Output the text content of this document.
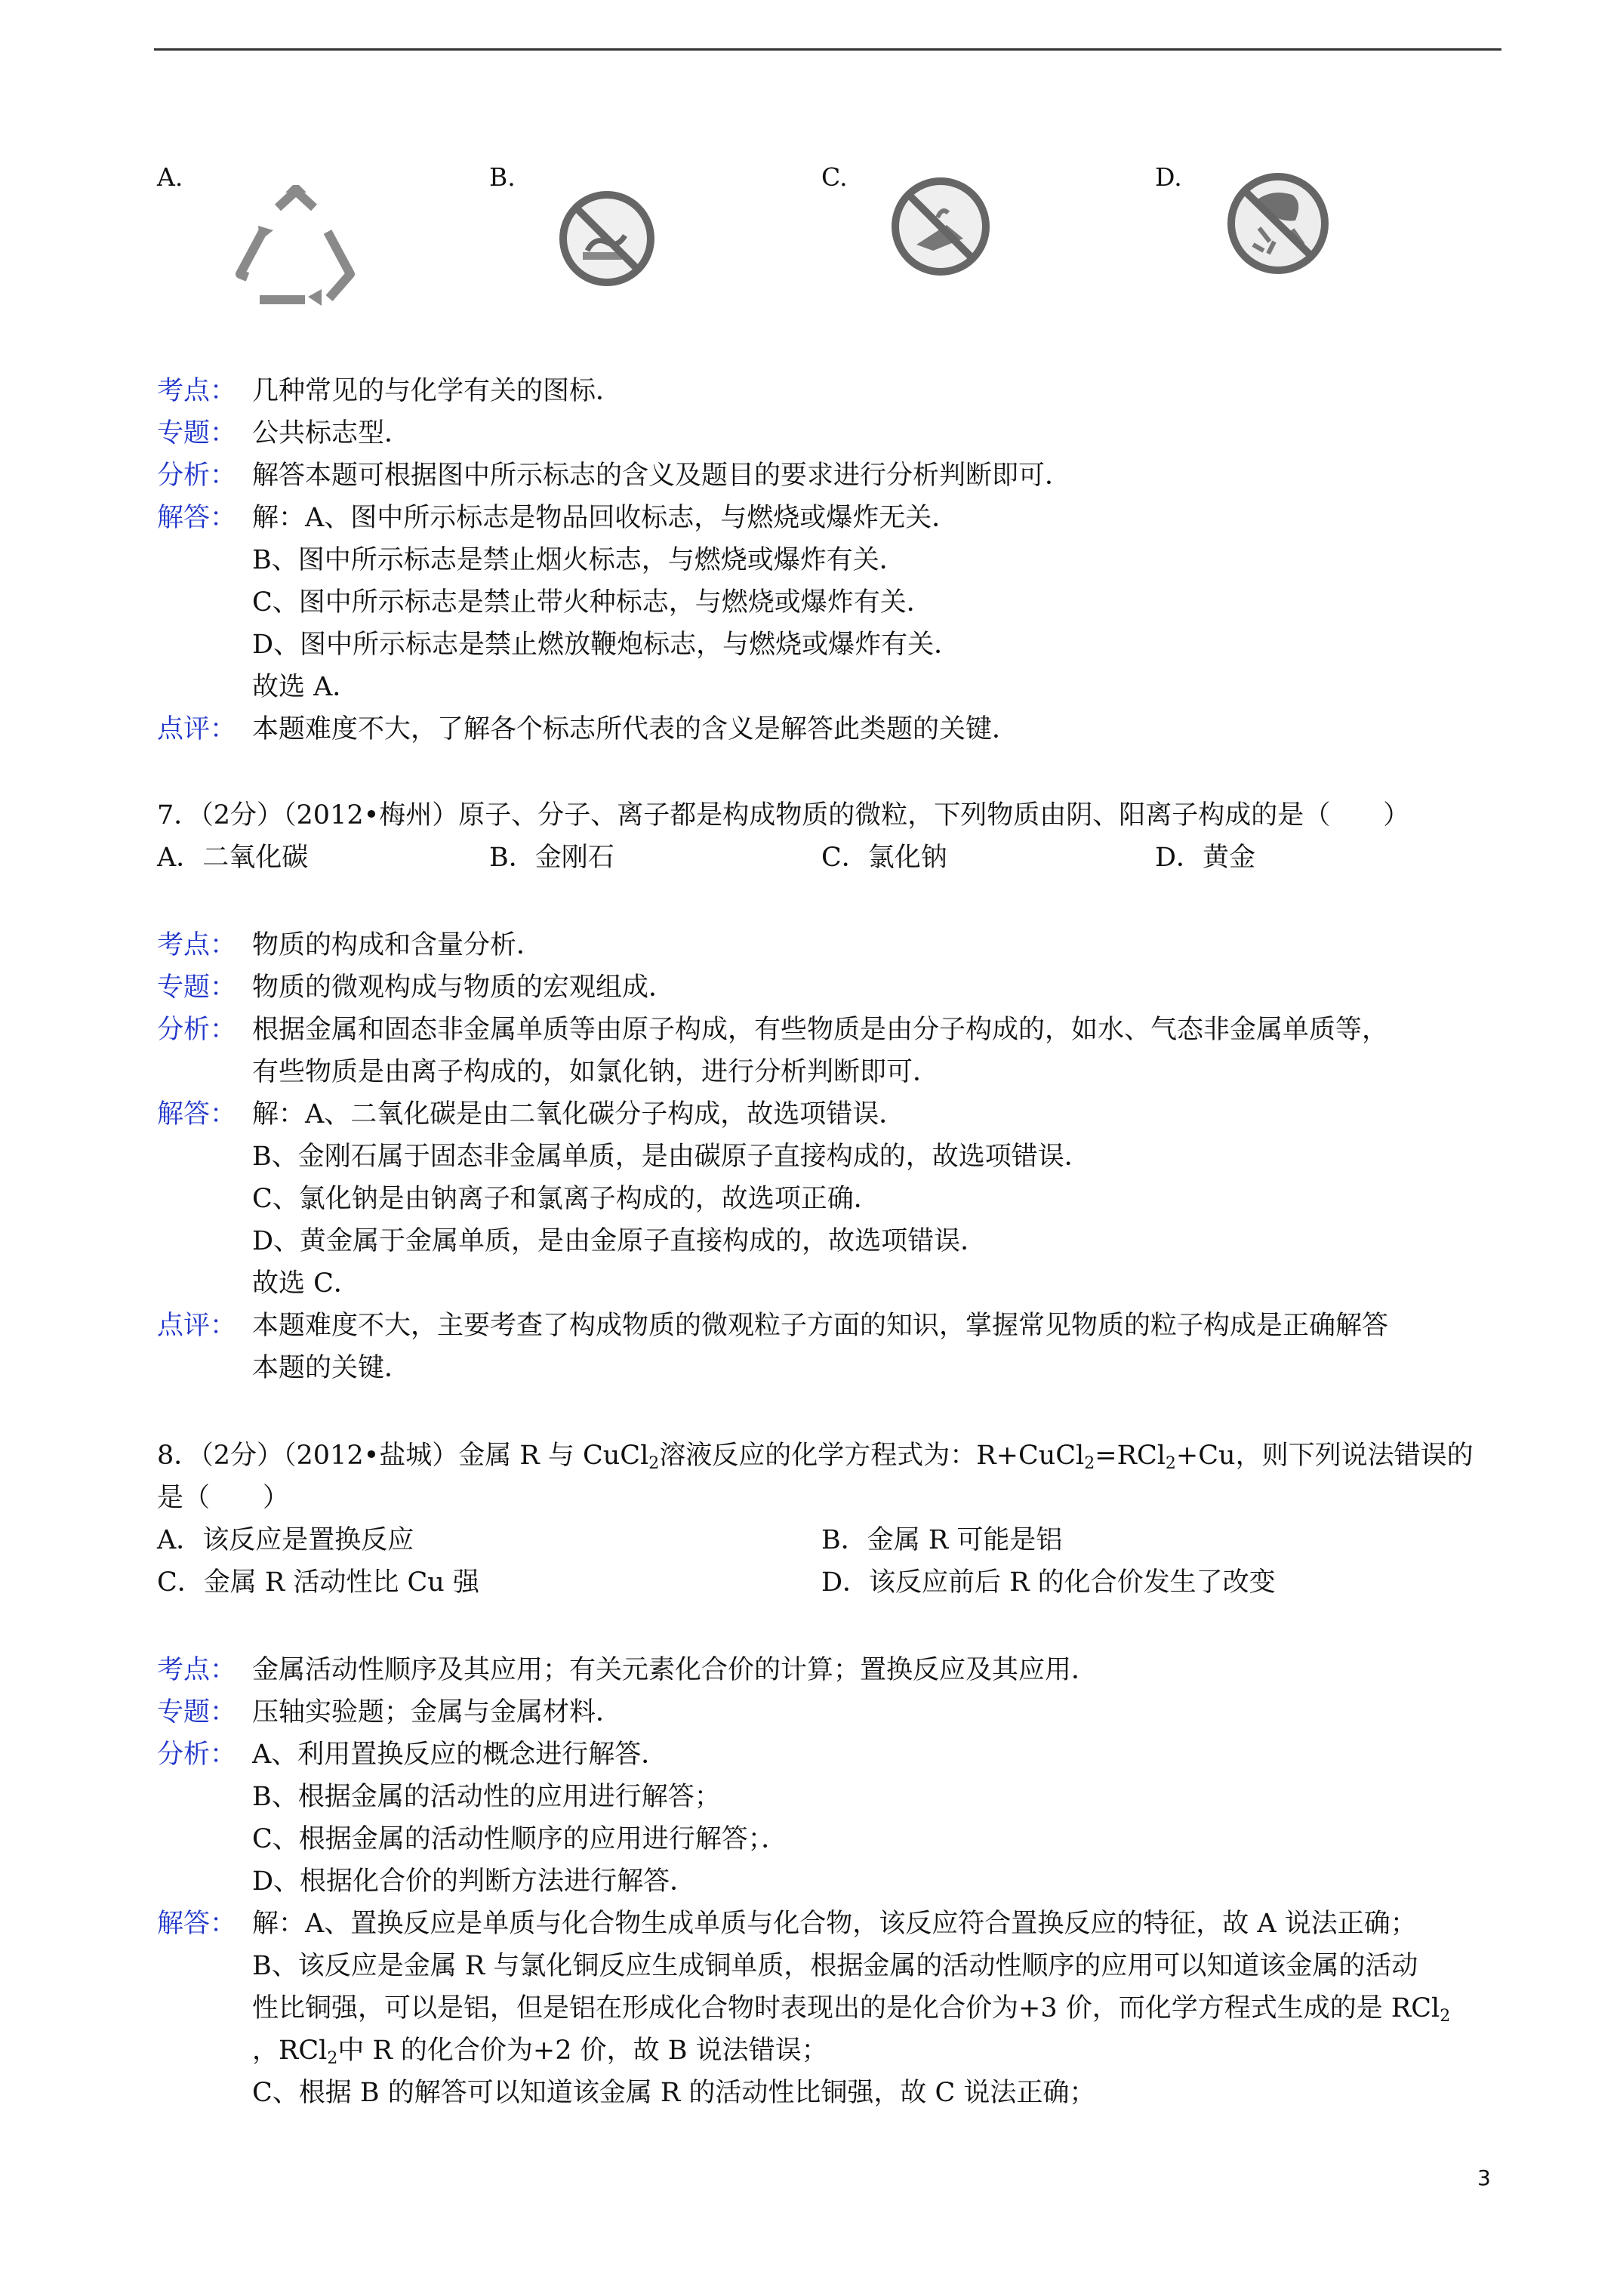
A.	B.	C.	D.
考点： 几种常见的与化学有关的图标．
专题： 公共标志型．
分析： 解答本题可根据图中所示标志的含义及题目的要求进行分析判断即可．
解答： 解：A、图中所示标志是物品回收标志，与燃烧或爆炸无关．
B、图中所示标志是禁止烟火标志，与燃烧或爆炸有关．
C、图中所示标志是禁止带火种标志，与燃烧或爆炸有关．
D、图中所示标志是禁止燃放鞭炮标志，与燃烧或爆炸有关．
故选 A．
点评： 本题难度不大，了解各个标志所代表的含义是解答此类题的关键．
7．（2分）（2012•梅州）原子、分子、离子都是构成物质的微粒，下列物质由阴、阳离子构成的是（　　）
A．二氧化碳	B．金刚石	C．氯化钠	D．黄金
考点： 物质的构成和含量分析．
专题： 物质的微观构成与物质的宏观组成．
分析： 根据金属和固态非金属单质等由原子构成，有些物质是由分子构成的，如水、气态非金属单质等，
有些物质是由离子构成的，如氯化钠，进行分析判断即可．
解答： 解：A、二氧化碳是由二氧化碳分子构成，故选项错误．
B、金刚石属于固态非金属单质，是由碳原子直接构成的，故选项错误．
C、氯化钠是由钠离子和氯离子构成的，故选项正确．
D、黄金属于金属单质，是由金原子直接构成的，故选项错误．
故选 C．
点评： 本题难度不大，主要考查了构成物质的微观粒子方面的知识，掌握常见物质的粒子构成是正确解答
本题的关键．
8．（2分）（2012•盐城）金属 R 与 CuCl$_2$溶液反应的化学方程式为：R+CuCl$_2$=RCl$_2$+Cu，则下列说法错误的
是（　　）
A．该反应是置换反应	B．金属 R 可能是铝
C．金属 R 活动性比 Cu 强	D．该反应前后 R 的化合价发生了改变
考点： 金属活动性顺序及其应用；有关元素化合价的计算；置换反应及其应用．
专题： 压轴实验题；金属与金属材料．
分析： A、利用置换反应的概念进行解答．
B、根据金属的活动性的应用进行解答；
C、根据金属的活动性顺序的应用进行解答；．
D、根据化合价的判断方法进行解答．
解答： 解：A、置换反应是单质与化合物生成单质与化合物，该反应符合置换反应的特征，故 A 说法正确；
B、该反应是金属 R 与氯化铜反应生成铜单质，根据金属的活动性顺序的应用可以知道该金属的活动
性比铜强，可以是铝，但是铝在形成化合物时表现出的是化合价为+3 价，而化学方程式生成的是 RCl$_2$
，RCl$_2$中 R 的化合价为+2 价，故 B 说法错误；
C、根据 B 的解答可以知道该金属 R 的活动性比铜强，故 C 说法正确；
3
